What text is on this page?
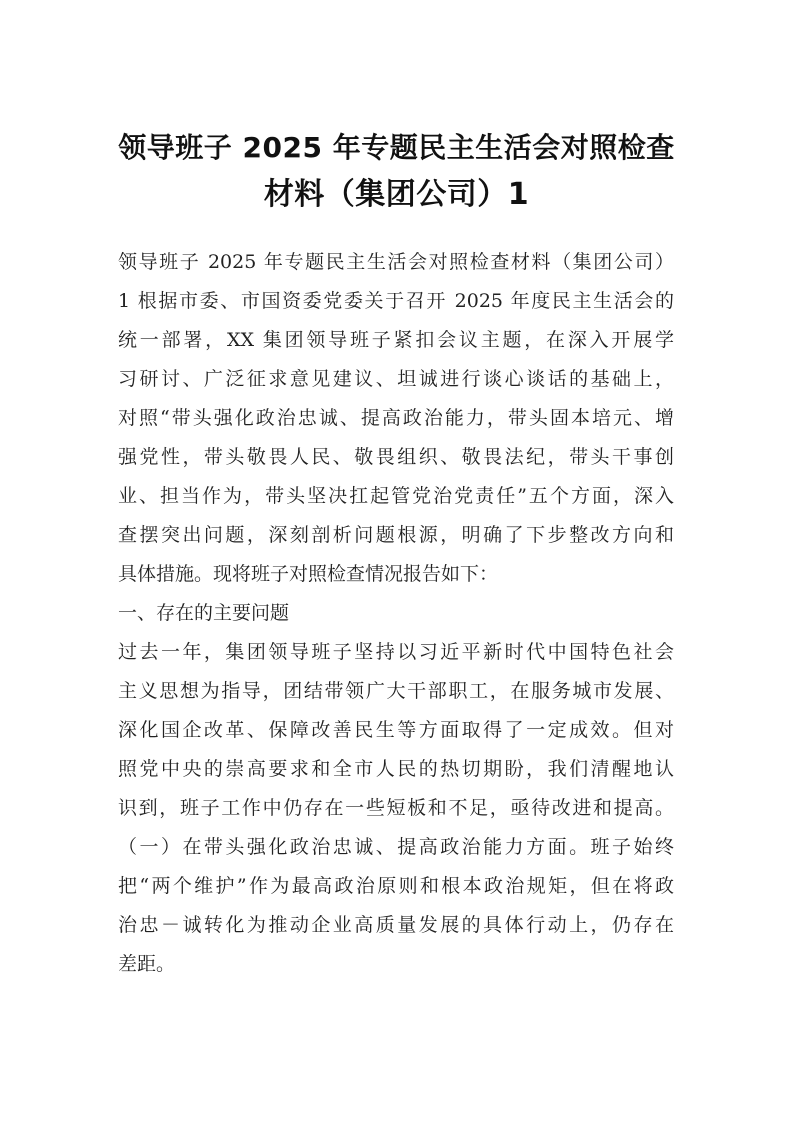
领导班子 2025 年专题民主生活会对照检查
材料（集团公司）1
领导班子 2025 年专题民主生活会对照检查材料（集团公司）
1 根据市委、市国资委党委关于召开 2025 年度民主生活会的
统一部署，XX 集团领导班子紧扣会议主题，在深入开展学
习研讨、广泛征求意见建议、坦诚进行谈心谈话的基础上，
对照“带头强化政治忠诚、提高政治能力，带头固本培元、增
强党性，带头敬畏人民、敬畏组织、敬畏法纪，带头干事创
业、担当作为，带头坚决扛起管党治党责任”五个方面，深入
查摆突出问题，深刻剖析问题根源，明确了下步整改方向和
具体措施。现将班子对照检查情况报告如下：
一、存在的主要问题
过去一年，集团领导班子坚持以习近平新时代中国特色社会
主义思想为指导，团结带领广大干部职工，在服务城市发展、
深化国企改革、保障改善民生等方面取得了一定成效。但对
照党中央的崇高要求和全市人民的热切期盼，我们清醒地认
识到，班子工作中仍存在一些短板和不足，亟待改进和提高。
（一）在带头强化政治忠诚、提高政治能力方面。班子始终
把“两个维护”作为最高政治原则和根本政治规矩，但在将政
治忠－诚转化为推动企业高质量发展的具体行动上，仍存在
差距。
